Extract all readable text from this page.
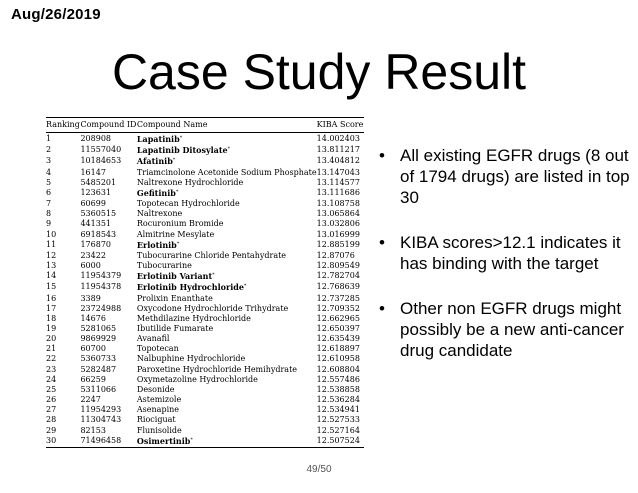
Aug/26/2019
Case Study Result
Ranking	Compound ID	Compound Name	KIBA Score
1	208908	Lapatinib*	14.002403
2	11557040	Lapatinib Ditosylate*	13.811217
3	10184653	Afatinib*	13.404812
4	16147	Triamcinolone Acetonide Sodium Phosphate	13.147043
5	5485201	Naltrexone Hydrochloride	13.114577
6	123631	Gefitinib*	13.111686
7	60699	Topotecan Hydrochloride	13.108758
8	5360515	Naltrexone	13.065864
9	441351	Rocuronium Bromide	13.032806
10	6918543	Almitrine Mesylate	13.016999
11	176870	Erlotinib*	12.885199
12	23422	Tubocurarine Chloride Pentahydrate	12.87076
13	6000	Tubocurarine	12.809549
14	11954379	Erlotinib Variant*	12.782704
15	11954378	Erlotinib Hydrochloride*	12.768639
16	3389	Prolixin Enanthate	12.737285
17	23724988	Oxycodone Hydrochloride Trihydrate	12.709352
18	14676	Methdilazine Hydrochloride	12.662965
19	5281065	Ibutilide Fumarate	12.650397
20	9869929	Avanafil	12.635439
21	60700	Topotecan	12.618897
22	5360733	Nalbuphine Hydrochloride	12.610958
23	5282487	Paroxetine Hydrochloride Hemihydrate	12.608804
24	66259	Oxymetazoline Hydrochloride	12.557486
25	5311066	Desonide	12.538858
26	2247	Astemizole	12.536284
27	11954293	Asenapine	12.534941
28	11304743	Riociguat	12.527533
29	82153	Flunisolide	12.527164
30	71496458	Osimertinib*	12.507524
• All existing EGFR drugs (8 out of 1794 drugs) are listed in top 30
• KIBA scores>12.1 indicates it has binding with the target
• Other non EGFR drugs might possibly be a new anti-cancer drug candidate
49/50
